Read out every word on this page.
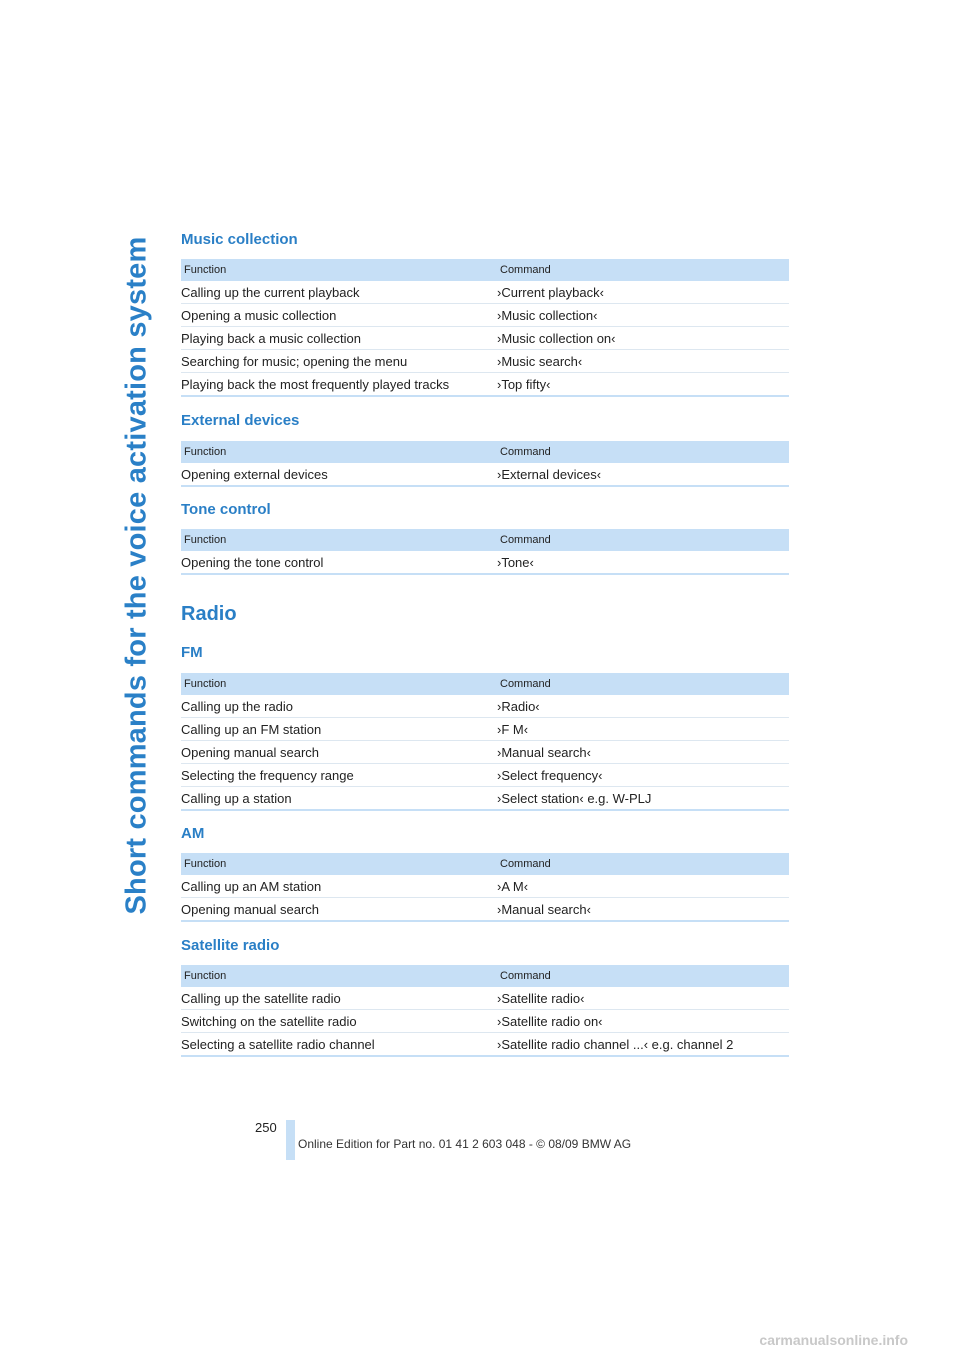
Short commands for the voice activation system Music collection
Function	Command
Calling up the current playback	›Current playback‹
Opening a music collection	›Music collection‹
Playing back a music collection	›Music collection on‹
Searching for music; opening the menu	›Music search‹
Playing back the most frequently played tracks	›Top fifty‹
External devices
Function	Command
Opening external devices	›External devices‹
Tone control
Function	Command
Opening the tone control	›Tone‹
Radio
FM
Function	Command
Calling up the radio	›Radio‹
Calling up an FM station	›F M‹
Opening manual search	›Manual search‹
Selecting the frequency range	›Select frequency‹
Calling up a station	›Select station‹ e.g. W-PLJ
AM
Function	Command
Calling up an AM station	›A M‹
Opening manual search	›Manual search‹
Satellite radio
Function	Command
Calling up the satellite radio	›Satellite radio‹
Switching on the satellite radio	›Satellite radio on‹
Selecting a satellite radio channel	›Satellite radio channel ...‹ e.g. channel 2
250
Online Edition for Part no. 01 41 2 603 048 - © 08/09 BMW AG
carmanualsonline.info
